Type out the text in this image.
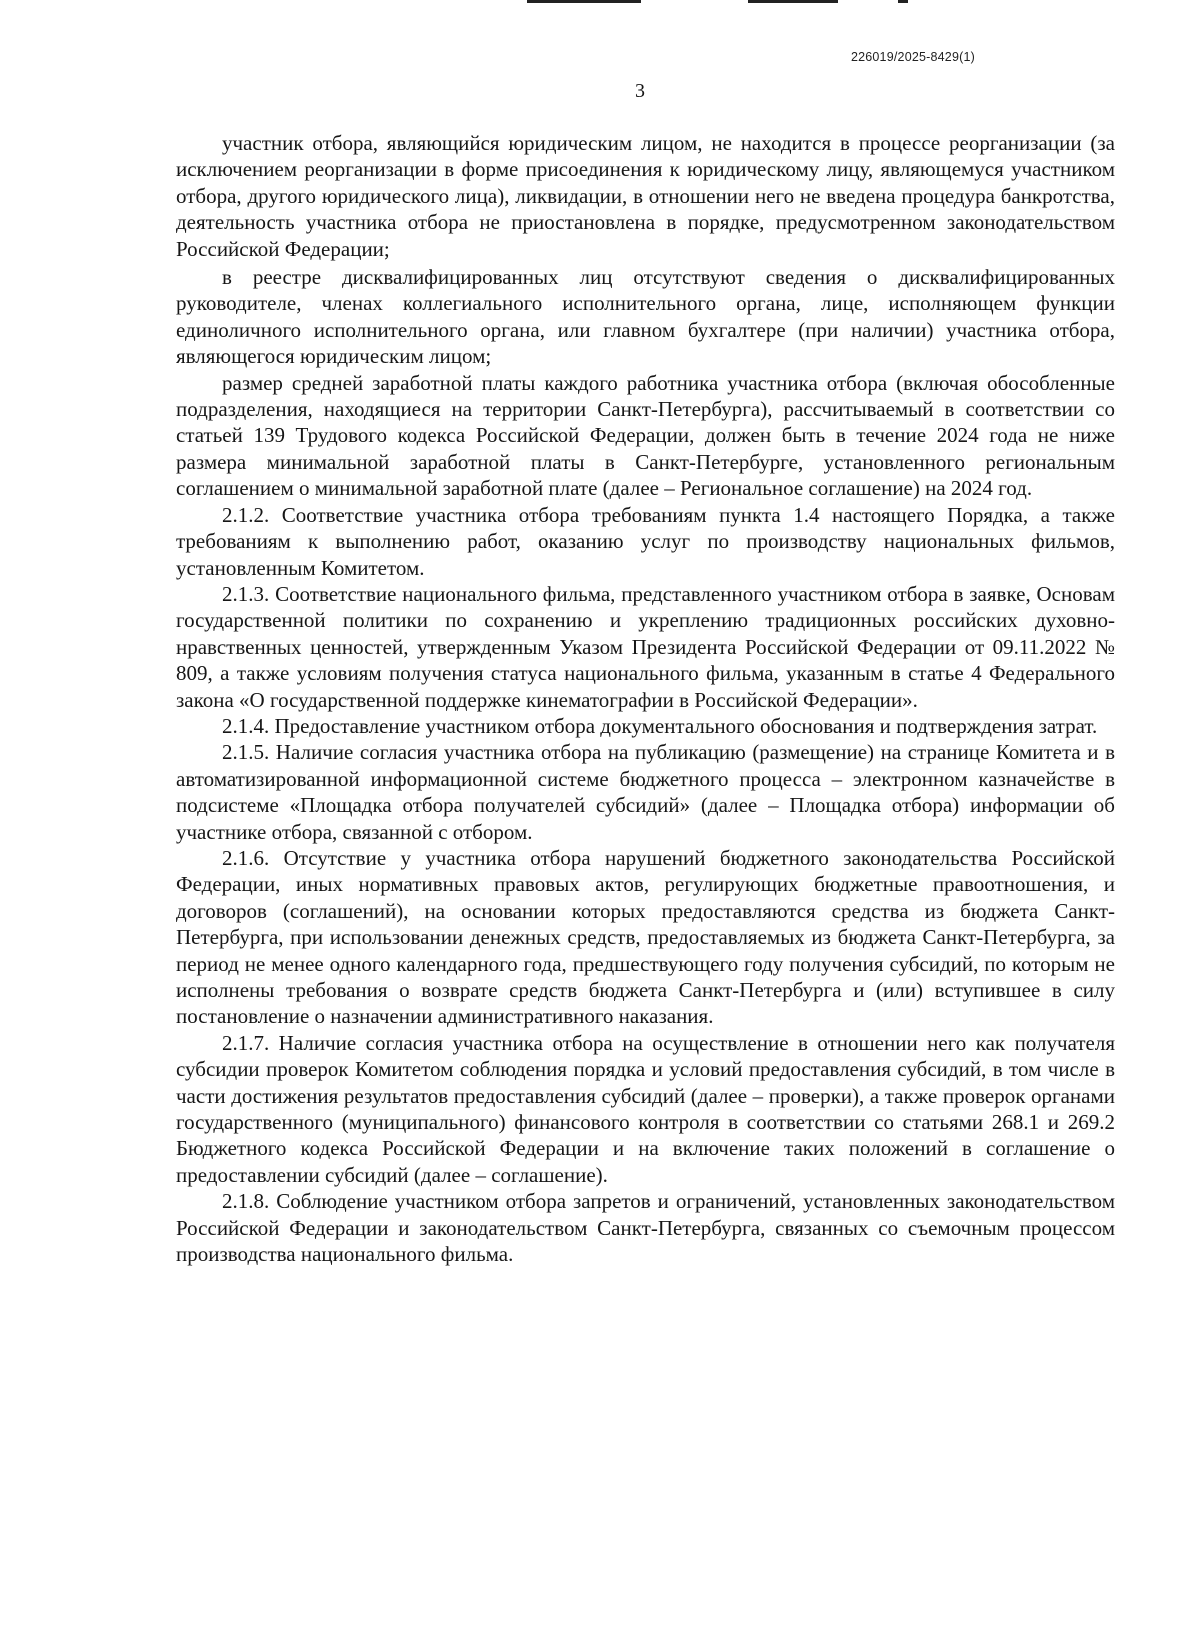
226019/2025-8429(1)
3

участник отбора, являющийся юридическим лицом, не находится в процессе реорганизации (за исключением реорганизации в форме присоединения к юридическому лицу, являющемуся участником отбора, другого юридического лица), ликвидации, в отношении него не введена процедура банкротства, деятельность участника отбора не приостановлена в порядке, предусмотренном законодательством Российской Федерации;

в реестре дисквалифицированных лиц отсутствуют сведения о дисквалифицированных руководителе, членах коллегиального исполнительного органа, лице, исполняющем функции единоличного исполнительного органа, или главном бухгалтере (при наличии) участника отбора, являющегося юридическим лицом;

размер средней заработной платы каждого работника участника отбора (включая обособленные подразделения, находящиеся на территории Санкт-Петербурга), рассчитываемый в соответствии со статьей 139 Трудового кодекса Российской Федерации, должен быть в течение 2024 года не ниже размера минимальной заработной платы в Санкт-Петербурге, установленного региональным соглашением о минимальной заработной плате (далее – Региональное соглашение) на 2024 год.

2.1.2. Соответствие участника отбора требованиям пункта 1.4 настоящего Порядка, а также требованиям к выполнению работ, оказанию услуг по производству национальных фильмов, установленным Комитетом.

2.1.3. Соответствие национального фильма, представленного участником отбора в заявке, Основам государственной политики по сохранению и укреплению традиционных российских духовно-нравственных ценностей, утвержденным Указом Президента Российской Федерации от 09.11.2022 № 809, а также условиям получения статуса национального фильма, указанным в статье 4 Федерального закона «О государственной поддержке кинематографии в Российской Федерации».

2.1.4. Предоставление участником отбора документального обоснования и подтверждения затрат.

2.1.5. Наличие согласия участника отбора на публикацию (размещение) на странице Комитета и в автоматизированной информационной системе бюджетного процесса – электронном казначействе в подсистеме «Площадка отбора получателей субсидий» (далее – Площадка отбора) информации об участнике отбора, связанной с отбором.

2.1.6. Отсутствие у участника отбора нарушений бюджетного законодательства Российской Федерации, иных нормативных правовых актов, регулирующих бюджетные правоотношения, и договоров (соглашений), на основании которых предоставляются средства из бюджета Санкт-Петербурга, при использовании денежных средств, предоставляемых из бюджета Санкт-Петербурга, за период не менее одного календарного года, предшествующего году получения субсидий, по которым не исполнены требования о возврате средств бюджета Санкт-Петербурга и (или) вступившее в силу постановление о назначении административного наказания.

2.1.7. Наличие согласия участника отбора на осуществление в отношении него как получателя субсидии проверок Комитетом соблюдения порядка и условий предоставления субсидий, в том числе в части достижения результатов предоставления субсидий (далее – проверки), а также проверок органами государственного (муниципального) финансового контроля в соответствии со статьями 268.1 и 269.2 Бюджетного кодекса Российской Федерации и на включение таких положений в соглашение о предоставлении субсидий (далее – соглашение).

2.1.8. Соблюдение участником отбора запретов и ограничений, установленных законодательством Российской Федерации и законодательством Санкт-Петербурга, связанных со съемочным процессом производства национального фильма.
